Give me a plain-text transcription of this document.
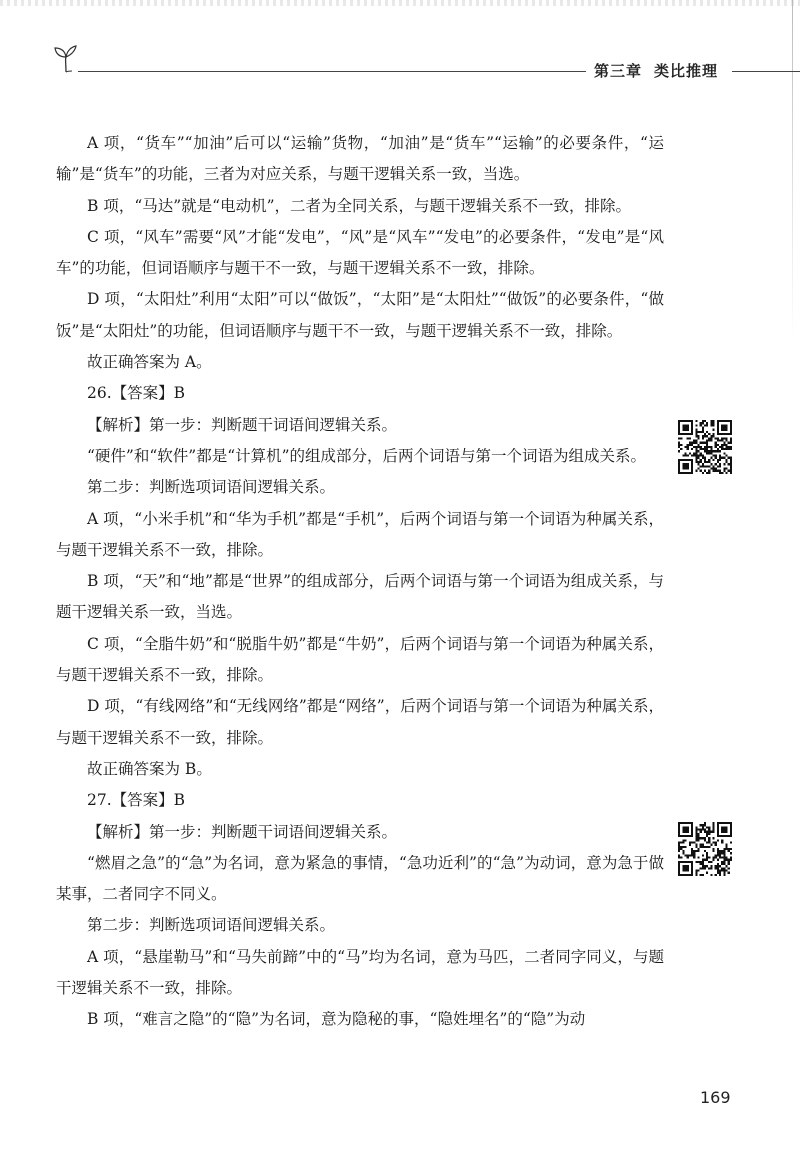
第三章 类比推理

A 项，“货车”“加油”后可以“运输”货物，“加油”是“货车”“运输”的必要条件，“运输”是“货车”的功能，三者为对应关系，与题干逻辑关系一致，当选。

B 项，“马达”就是“电动机”，二者为全同关系，与题干逻辑关系不一致，排除。

C 项，“风车”需要“风”才能“发电”，“风”是“风车”“发电”的必要条件，“发电”是“风车”的功能，但词语顺序与题干不一致，与题干逻辑关系不一致，排除。

D 项，“太阳灶”利用“太阳”可以“做饭”，“太阳”是“太阳灶”“做饭”的必要条件，“做饭”是“太阳灶”的功能，但词语顺序与题干不一致，与题干逻辑关系不一致，排除。

故正确答案为 A。

26.【答案】B

【解析】第一步：判断题干词语间逻辑关系。

“硬件”和“软件”都是“计算机”的组成部分，后两个词语与第一个词语为组成关系。

第二步：判断选项词语间逻辑关系。

A 项，“小米手机”和“华为手机”都是“手机”，后两个词语与第一个词语为种属关系，与题干逻辑关系不一致，排除。

B 项，“天”和“地”都是“世界”的组成部分，后两个词语与第一个词语为组成关系，与题干逻辑关系一致，当选。

C 项，“全脂牛奶”和“脱脂牛奶”都是“牛奶”，后两个词语与第一个词语为种属关系，与题干逻辑关系不一致，排除。

D 项，“有线网络”和“无线网络”都是“网络”，后两个词语与第一个词语为种属关系，与题干逻辑关系不一致，排除。

故正确答案为 B。

27.【答案】B

【解析】第一步：判断题干词语间逻辑关系。

“燃眉之急”的“急”为名词，意为紧急的事情，“急功近利”的“急”为动词，意为急于做某事，二者同字不同义。

第二步：判断选项词语间逻辑关系。

A 项，“悬崖勒马”和“马失前蹄”中的“马”均为名词，意为马匹，二者同字同义，与题干逻辑关系不一致，排除。

B 项，“难言之隐”的“隐”为名词，意为隐秘的事，“隐姓埋名”的“隐”为动

169
